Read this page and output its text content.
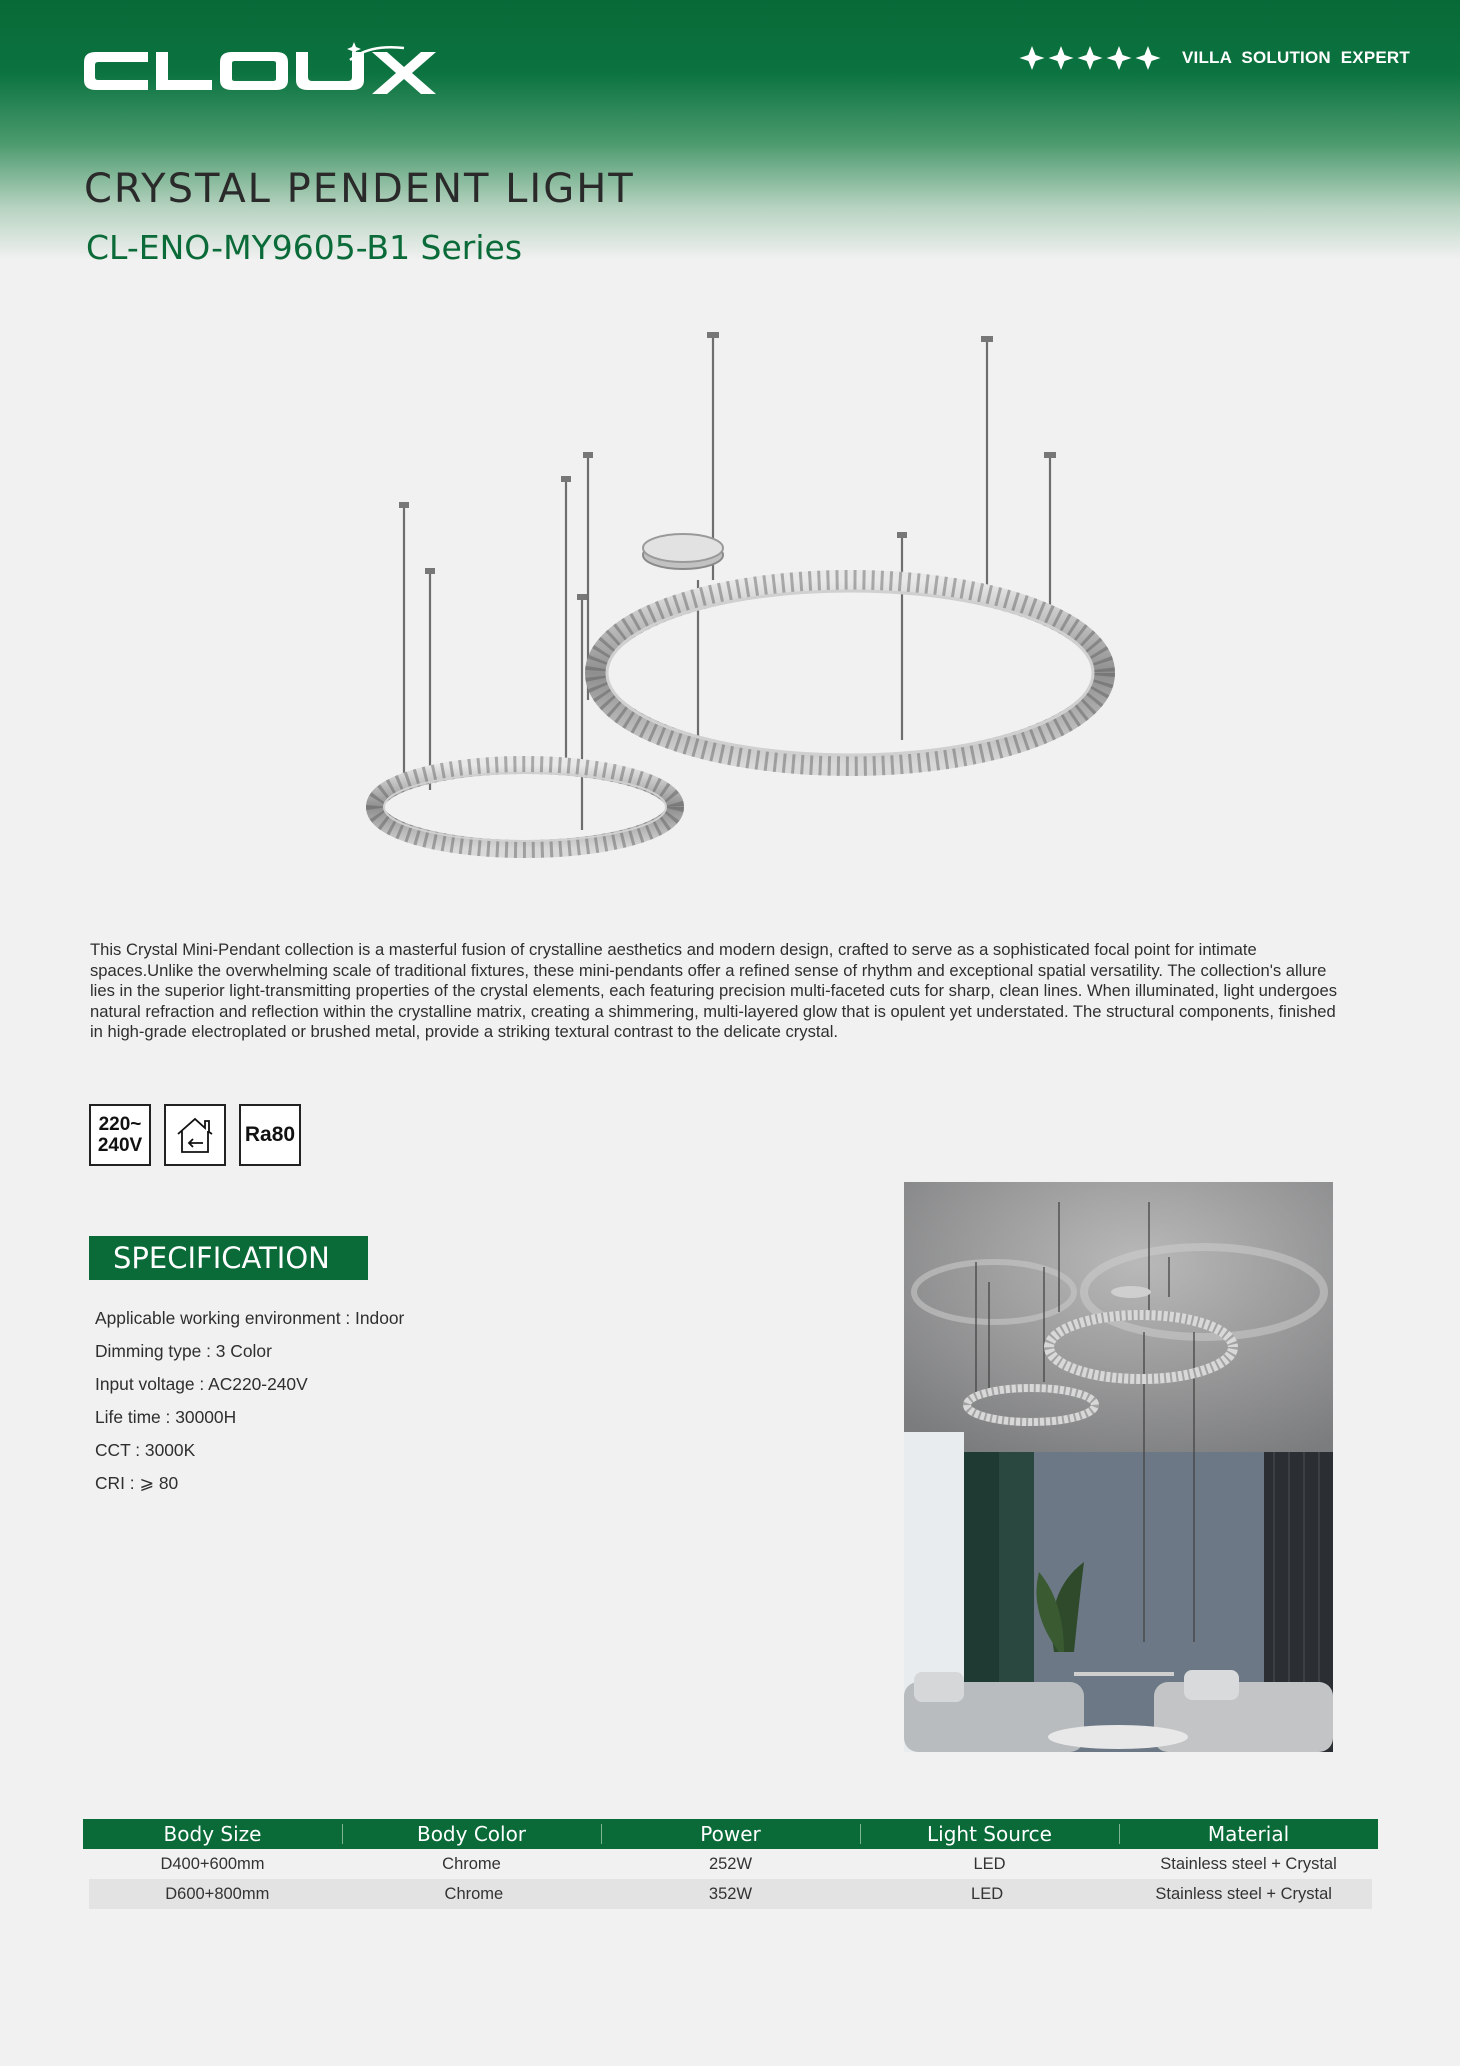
VILLA SOLUTION EXPERT
CRYSTAL PENDENT LIGHT
CL-ENO-MY9605-B1 Series

This Crystal Mini-Pendant collection is a masterful fusion of crystalline aesthetics and modern design, crafted to serve as a sophisticated focal point for intimate spaces.Unlike the overwhelming scale of traditional fixtures, these mini-pendants offer a refined sense of rhythm and exceptional spatial versatility. The collection's allure lies in the superior light-transmitting properties of the crystal elements, each featuring precision multi-faceted cuts for sharp, clean lines. When illuminated, light undergoes natural refraction and reflection within the crystalline matrix, creating a shimmering, multi-layered glow that is opulent yet understated. The structural components, finished in high-grade electroplated or brushed metal, provide a striking textural contrast to the delicate crystal.

220~
240V	Ra80
SPECIFICATION
Applicable working environment : Indoor
Dimming type : 3 Color
Input voltage : AC220-240V
Life time : 30000H
CCT : 3000K
CRI : ⩾ 80
Body Size	Body Color	Power	Light Source	Material
D400+600mm	Chrome	252W	LED	Stainless steel + Crystal
D600+800mm	Chrome	352W	LED	Stainless steel + Crystal
